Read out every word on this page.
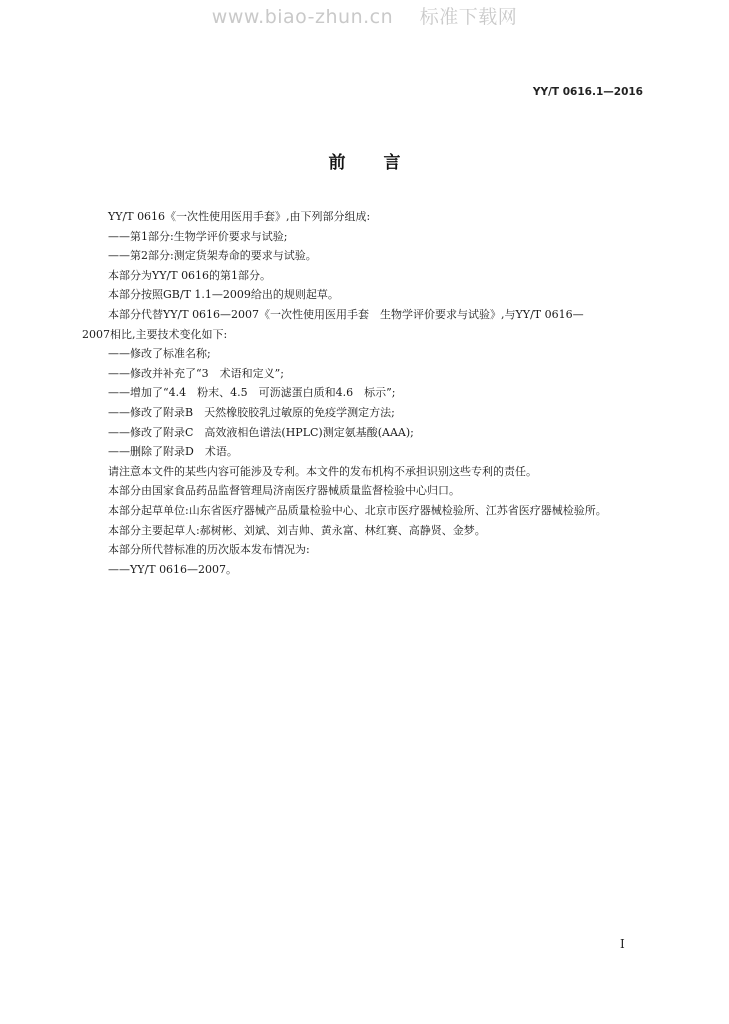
www.biao-zhun.cn 标准下载网
YY/T 0616.1—2016
前言
YY/T 0616《一次性使用医用手套》,由下列部分组成:
——第1部分:生物学评价要求与试验;
——第2部分:测定货架寿命的要求与试验。
本部分为YY/T 0616的第1部分。
本部分按照GB/T 1.1—2009给出的规则起草。
本部分代替YY/T 0616—2007《一次性使用医用手套　生物学评价要求与试验》,与YY/T 0616—
2007相比,主要技术变化如下:
——修改了标准名称;
——修改并补充了“3　术语和定义”;
——增加了“4.4　粉末、4.5　可沥滤蛋白质和4.6　标示”;
——修改了附录B　天然橡胶胶乳过敏原的免疫学测定方法;
——修改了附录C　高效液相色谱法(HPLC)测定氨基酸(AAA);
——删除了附录D　术语。
请注意本文件的某些内容可能涉及专利。本文件的发布机构不承担识别这些专利的责任。
本部分由国家食品药品监督管理局济南医疗器械质量监督检验中心归口。
本部分起草单位:山东省医疗器械产品质量检验中心、北京市医疗器械检验所、江苏省医疗器械检验所。
本部分主要起草人:郝树彬、刘斌、刘吉帅、黄永富、林红赛、高静贤、金梦。
本部分所代替标准的历次版本发布情况为:
——YY/T 0616—2007。
I
